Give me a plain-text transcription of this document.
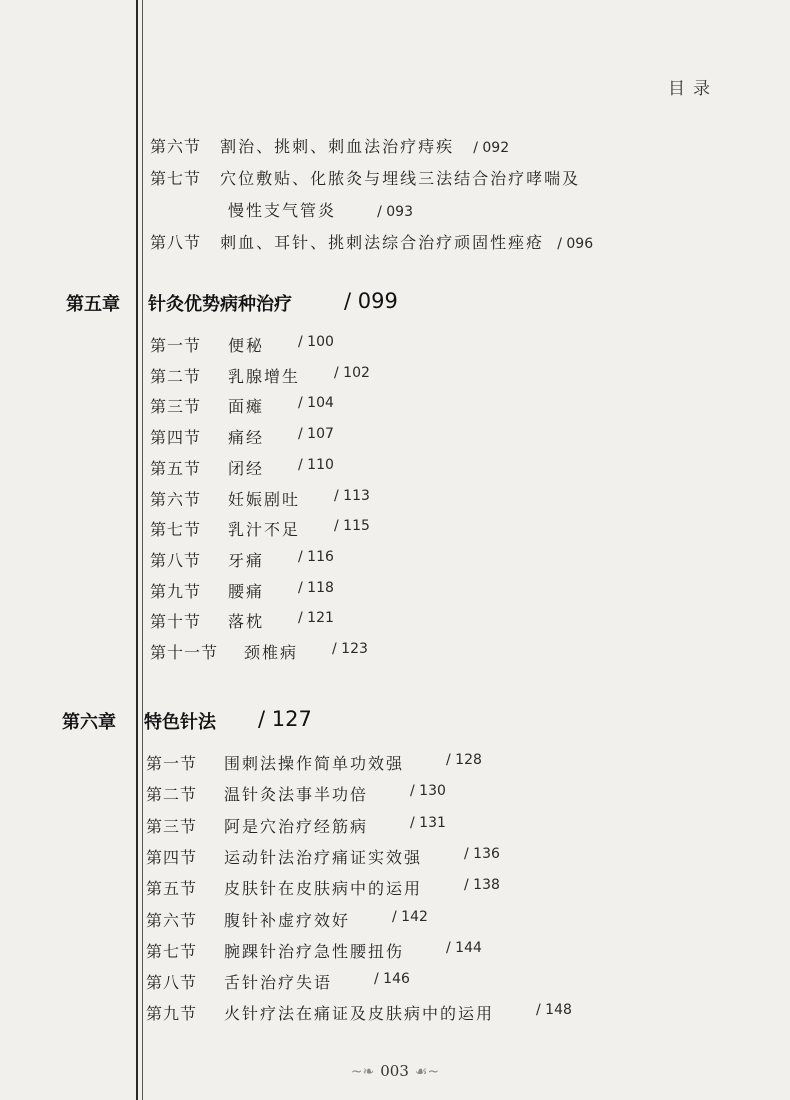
目录
第六节 割治、挑刺、刺血法治疗痔疾 / 092
第七节 穴位敷贴、化脓灸与埋线三法结合治疗哮喘及
慢性支气管炎	/ 093
第八节 刺血、耳针、挑刺法综合治疗顽固性痤疮 / 096
第五章 针灸优势病种治疗 / 099
第一节 便秘 / 100
第二节 乳腺增生 / 102
第三节 面瘫 / 104
第四节 痛经 / 107
第五节 闭经 / 110
第六节 妊娠剧吐 / 113
第七节 乳汁不足 / 115
第八节 牙痛 / 116
第九节 腰痛 / 118
第十节 落枕 / 121
第十一节 颈椎病 / 123
第六章 特色针法 / 127
第一节 围刺法操作简单功效强	/ 128
第二节 温针灸法事半功倍	/ 130
第三节 阿是穴治疗经筋病	/ 131
第四节 运动针法治疗痛证实效强	/ 136
第五节 皮肤针在皮肤病中的运用	/ 138
第六节 腹针补虚疗效好	/ 142
第七节 腕踝针治疗急性腰扭伤	/ 144
第八节 舌针治疗失语	/ 146
第九节 火针疗法在痛证及皮肤病中的运用	/ 148
~❧ 003 ☙~
